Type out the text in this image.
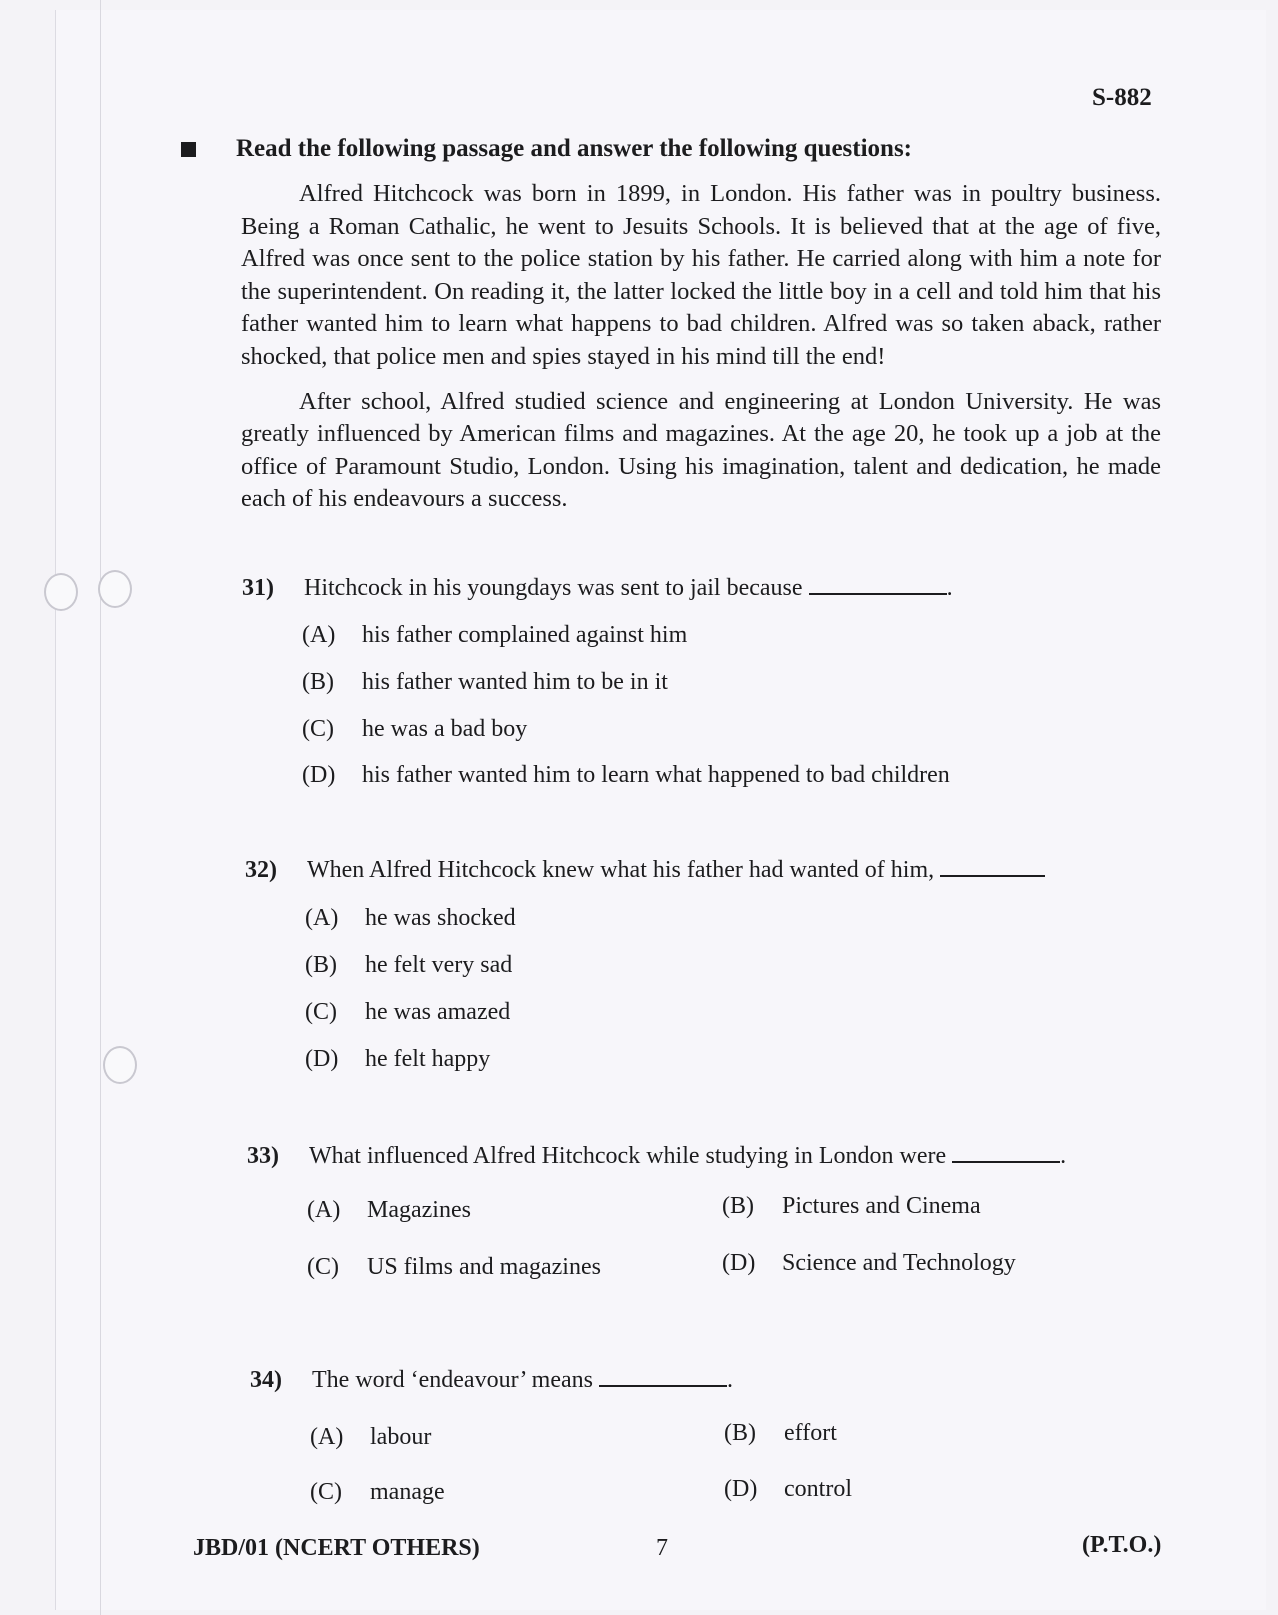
S-882
Read the following passage and answer the following questions:

Alfred Hitchcock was born in 1899, in London. His father was in poultry business. Being a Roman Cathalic, he went to Jesuits Schools. It is believed that at the age of five, Alfred was once sent to the police station by his father. He carried along with him a note for the superintendent. On reading it, the latter locked the little boy in a cell and told him that his father wanted him to learn what happens to bad children. Alfred was so taken aback, rather shocked, that police men and spies stayed in his mind till the end!

After school, Alfred studied science and engineering at London University. He was greatly influenced by American films and magazines. At the age 20, he took up a job at the office of Paramount Studio, London. Using his imagination, talent and dedication, he made each of his endeavours a success.

31) Hitchcock in his youngdays was sent to jail because	.
(A) his father complained against him
(B) his father wanted him to be in it
(C) he was a bad boy
(D) his father wanted him to learn what happened to bad children
32) When Alfred Hitchcock knew what his father had wanted of him,
(A) he was shocked
(B) he felt very sad
(C) he was amazed
(D) he felt happy
33) What influenced Alfred Hitchcock while studying in London were	.
(A) Magazines	(B) Pictures and Cinema
(C) US films and magazines	(D) Science and Technology
34) The word ‘endeavour’ means	.
(A) labour	(B) effort
(C) manage	(D) control
JBD/01 (NCERT OTHERS)	7	(P.T.O.)
